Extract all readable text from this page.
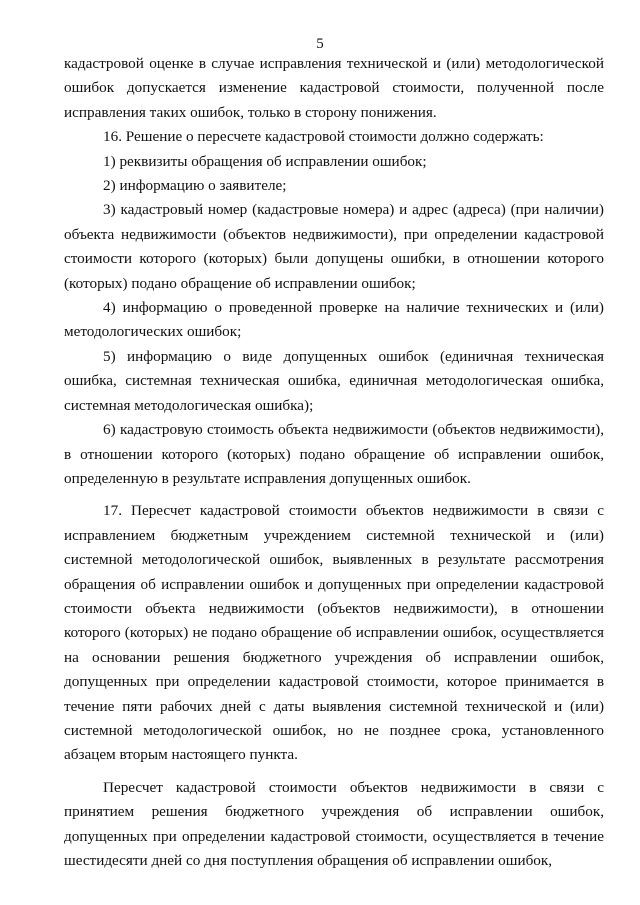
5

кадастровой оценке в случае исправления технической и (или) методологической ошибок допускается изменение кадастровой стоимости, полученной после исправления таких ошибок, только в сторону понижения.

16. Решение о пересчете кадастровой стоимости должно содержать:

1) реквизиты обращения об исправлении ошибок;

2) информацию о заявителе;

3) кадастровый номер (кадастровые номера) и адрес (адреса) (при наличии) объекта недвижимости (объектов недвижимости), при определении кадастровой стоимости которого (которых) были допущены ошибки, в отношении которого (которых) подано обращение об исправлении ошибок;

4) информацию о проведенной проверке на наличие технических и (или) методологических ошибок;

5) информацию о виде допущенных ошибок (единичная техническая ошибка, системная техническая ошибка, единичная методологическая ошибка, системная методологическая ошибка);

6) кадастровую стоимость объекта недвижимости (объектов недвижимости), в отношении которого (которых) подано обращение об исправлении ошибок, определенную в результате исправления допущенных ошибок.

17. Пересчет кадастровой стоимости объектов недвижимости в связи с исправлением бюджетным учреждением системной технической и (или) системной методологической ошибок, выявленных в результате рассмотрения обращения об исправлении ошибок и допущенных при определении кадастровой стоимости объекта недвижимости (объектов недвижимости), в отношении которого (которых) не подано обращение об исправлении ошибок, осуществляется на основании решения бюджетного учреждения об исправлении ошибок, допущенных при определении кадастровой стоимости, которое принимается в течение пяти рабочих дней с даты выявления системной технической и (или) системной методологической ошибок, но не позднее срока, установленного абзацем вторым настоящего пункта.

Пересчет кадастровой стоимости объектов недвижимости в связи с принятием решения бюджетного учреждения об исправлении ошибок, допущенных при определении кадастровой стоимости, осуществляется в течение шестидесяти дней со дня поступления обращения об исправлении ошибок,
